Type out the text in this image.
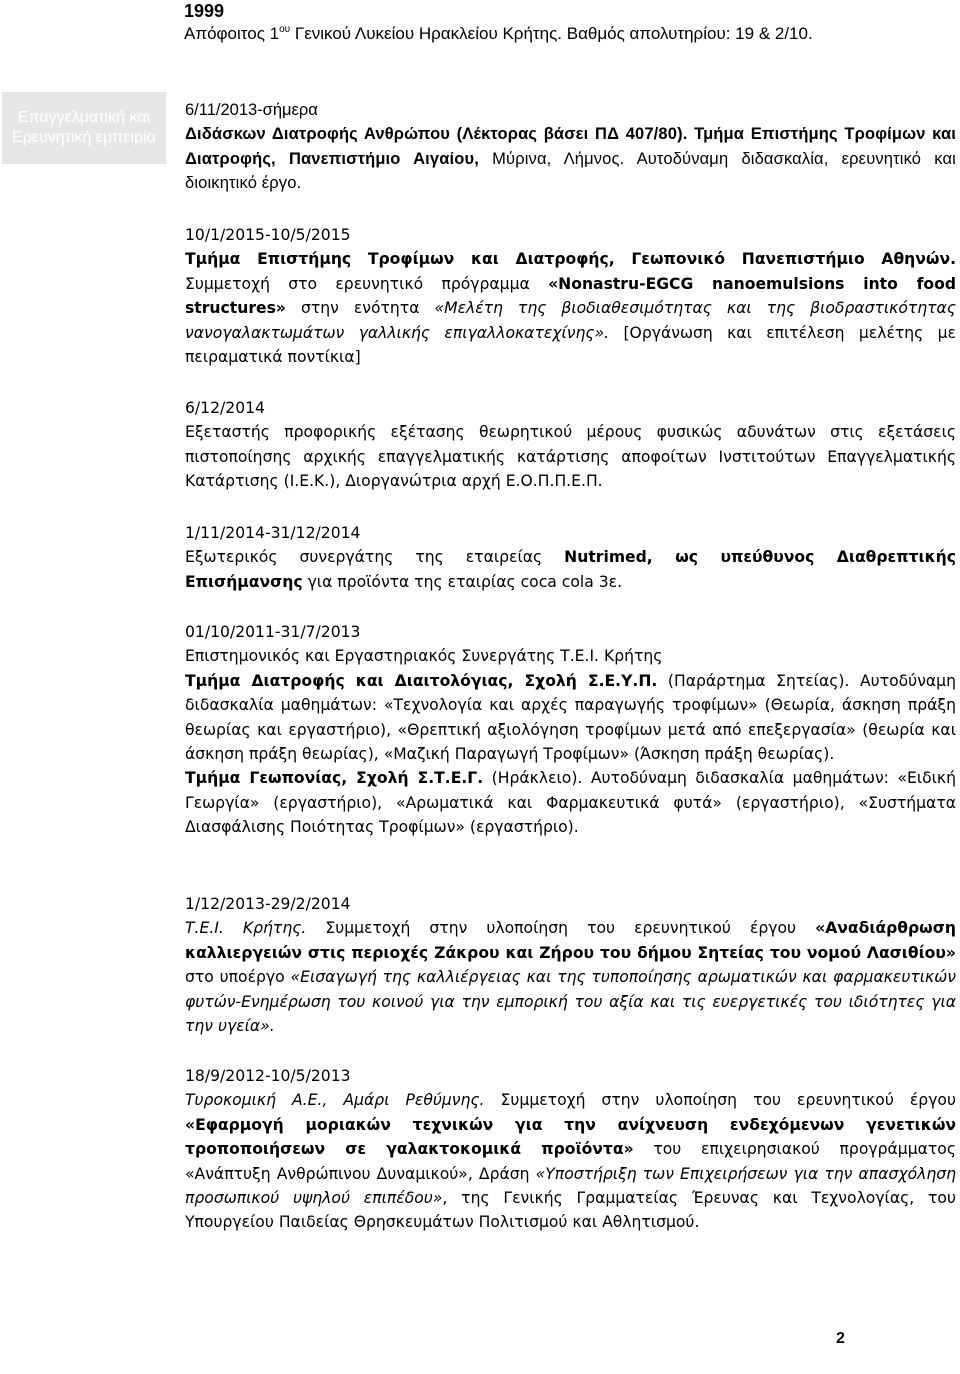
1999
Απόφοιτος $1^{o\upsilon}$ Γενικού Λυκείου Ηρακλείου Κρήτης. Βαθμός απολυτηρίου: 19 & 2/10.
Επαγγελματική και Ερευνητική εμπειρία

6/11/2013-σήμερα

Διδάσκων Διατροφής Ανθρώπου (Λέκτορας βάσει ΠΔ 407/80). Τμήμα Επιστήμης Τροφίμων και Διατροφής, Πανεπιστήμιο Αιγαίου, Μύρινα, Λήμνος. Αυτοδύναμη διδασκαλία, ερευνητικό και διοικητικό έργο.

10/1/2015-10/5/2015

Τμήμα Επιστήμης Τροφίμων και Διατροφής, Γεωπονικό Πανεπιστήμιο Αθηνών. Συμμετοχή στο ερευνητικό πρόγραμμα «Nonastru-EGCG nanoemulsions into food structures» στην ενότητα «Μελέτη της βιοδιαθεσιμότητας και της βιοδραστικότητας νανογαλακτωμάτων γαλλικής επιγαλλοκατεχίνης». [Οργάνωση και επιτέλεση μελέτης με πειραματικά ποντίκια]

6/12/2014

Εξεταστής προφορικής εξέτασης θεωρητικού μέρους φυσικώς αδυνάτων στις εξετάσεις πιστοποίησης αρχικής επαγγελματικής κατάρτισης αποφοίτων Ινστιτούτων Επαγγελματικής Κατάρτισης (Ι.Ε.Κ.), Διοργανώτρια αρχή Ε.Ο.Π.Π.Ε.Π.

1/11/2014-31/12/2014

Εξωτερικός συνεργάτης της εταιρείας Nutrimed, ως υπεύθυνος Διαθρεπτικής Επισήμανσης για προϊόντα της εταιρίας coca cola 3ε.

01/10/2011-31/7/2013

Επιστημονικός και Εργαστηριακός Συνεργάτης Τ.Ε.Ι. Κρήτης

Τμήμα Διατροφής και Διαιτολόγιας, Σχολή Σ.Ε.Υ.Π. (Παράρτημα Σητείας). Αυτοδύναμη διδασκαλία μαθημάτων: «Τεχνολογία και αρχές παραγωγής τροφίμων» (Θεωρία, άσκηση πράξη θεωρίας και εργαστήριο), «Θρεπτική αξιολόγηση τροφίμων μετά από επεξεργασία» (θεωρία και άσκηση πράξη θεωρίας), «Μαζική Παραγωγή Τροφίμων» (Άσκηση πράξη θεωρίας).

Τμήμα Γεωπονίας, Σχολή Σ.Τ.Ε.Γ. (Ηράκλειο). Αυτοδύναμη διδασκαλία μαθημάτων: «Ειδική Γεωργία» (εργαστήριο), «Αρωματικά και Φαρμακευτικά φυτά» (εργαστήριο), «Συστήματα Διασφάλισης Ποιότητας Τροφίμων» (εργαστήριο).

1/12/2013-29/2/2014

Τ.Ε.Ι. Κρήτης. Συμμετοχή στην υλοποίηση του ερευνητικού έργου «Αναδιάρθρωση καλλιεργειών στις περιοχές Ζάκρου και Ζήρου του δήμου Σητείας του νομού Λασιθίου» στο υποέργο «Εισαγωγή της καλλιέργειας και της τυποποίησης αρωματικών και φαρμακευτικών φυτών-Ενημέρωση του κοινού για την εμπορική του αξία και τις ευεργετικές του ιδιότητες για την υγεία».

18/9/2012-10/5/2013

Τυροκομική Α.Ε., Αμάρι Ρεθύμνης. Συμμετοχή στην υλοποίηση του ερευνητικού έργου «Εφαρμογή μοριακών τεχνικών για την ανίχνευση ενδεχόμενων γενετικών τροποποιήσεων σε γαλακτοκομικά προϊόντα» του επιχειρησιακού προγράμματος «Ανάπτυξη Ανθρώπινου Δυναμικού», Δράση «Υποστήριξη των Επιχειρήσεων για την απασχόληση προσωπικού υψηλού επιπέδου», της Γενικής Γραμματείας Έρευνας και Τεχνολογίας, του Υπουργείου Παιδείας Θρησκευμάτων Πολιτισμού και Αθλητισμού.

2
